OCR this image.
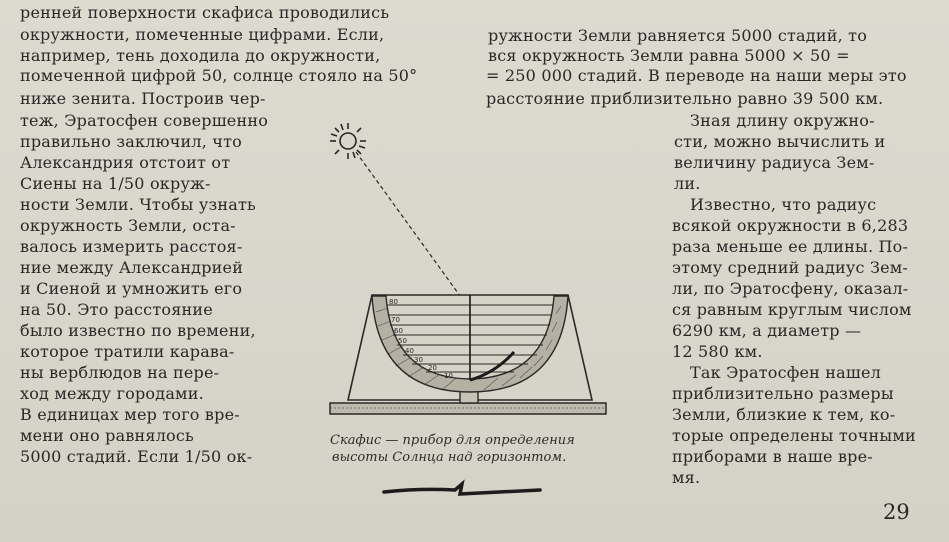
80
70
60
50
40
30
20
10
ренней поверхности скафиса проводились
окружности, помеченные цифрами. Если,
например, тень доходила до окружности,
помеченной цифрой 50, солнце стояло на 50°
ниже зенита. Построив чер-
теж, Эратосфен совершенно
правильно заключил, что
Александрия отстоит от
Сиены на 1/50 окруж-
ности Земли. Чтобы узнать
окружность Земли, оста-
валось измерить расстоя-
ние между Александрией
и Сиеной и умножить его
на 50. Это расстояние
было известно по времени,
которое тратили карава-
ны верблюдов на пере-
ход между городами.
В единицах мер того вре-
мени оно равнялось
5000 стадий. Если 1/50 ок-
ружности Земли равняется 5000 стадий, то
вся окружность Земли равна 5000 × 50 =
= 250 000 стадий. В переводе на наши меры это
расстояние приблизительно равно 39 500 км.
Зная длину окружно-
сти, можно вычислить и
величину радиуса Зем-
ли.
Известно, что радиус
всякой окружности в 6,283
раза меньше ее длины. По-
этому средний радиус Зем-
ли, по Эратосфену, оказал-
ся равным круглым числом
6290 км, а диаметр —
12 580 км.
Так Эратосфен нашел
приблизительно размеры
Земли, близкие к тем, ко-
торые определены точными
приборами в наше вре-
мя.
Скафис — прибор для определения
высоты Солнца над горизонтом.
29
